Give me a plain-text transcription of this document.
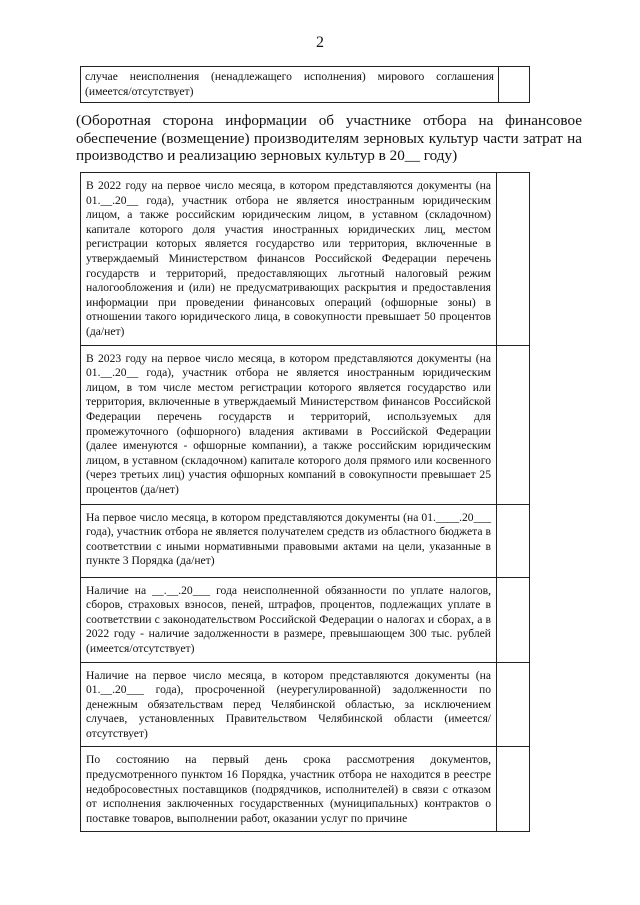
2
случае неисполнения (ненадлежащего исполнения) мирового соглашения (имеется/отсутствует)	
(Оборотная сторона информации об участнике отбора на финансовое обеспечение (возмещение) производителям зерновых культур части затрат на производство и реализацию зерновых культур в 20__ году)
В 2022 году на первое число месяца, в котором представляются документы (на 01.__.20__ года), участник отбора не является иностранным юридическим лицом, а также российским юридическим лицом, в уставном (складочном) капитале которого доля участия иностранных юридических лиц, местом регистрации которых является государство или территория, включенные в утверждаемый Министерством финансов Российской Федерации перечень государств и территорий, предоставляющих льготный налоговый режим налогообложения и (или) не предусматривающих раскрытия и предоставления информации при проведении финансовых операций (офшорные зоны) в отношении такого юридического лица, в совокупности превышает 50 процентов (да/нет)	
В 2023 году на первое число месяца, в котором представляются документы (на 01.__.20__ года), участник отбора не является иностранным юридическим лицом, в том числе местом регистрации которого является государство или территория, включенные в утверждаемый Министерством финансов Российской Федерации перечень государств и территорий, используемых для промежуточного (офшорного) владения активами в Российской Федерации (далее именуются - офшорные компании), а также российским юридическим лицом, в уставном (складочном) капитале которого доля прямого или косвенного (через третьих лиц) участия офшорных компаний в совокупности превышает 25 процентов (да/нет)	
На первое число месяца, в котором представляются документы (на 01.____.20___ года), участник отбора не является получателем средств из областного бюджета в соответствии с иными нормативными правовыми актами на цели, указанные в пункте 3 Порядка (да/нет)	
Наличие на __.__.20___ года неисполненной обязанности по уплате налогов, сборов, страховых взносов, пеней, штрафов, процентов, подлежащих уплате в соответствии с законодательством Российской Федерации о налогах и сборах, а в 2022 году - наличие задолженности в размере, превышающем 300 тыс. рублей (имеется/отсутствует)	
Наличие на первое число месяца, в котором представляются документы (на 01.__.20___ года), просроченной (неурегулированной) задолженности по денежным обязательствам перед Челябинской областью, за исключением случаев, установленных Правительством Челябинской области (имеется/отсутствует)	
По состоянию на первый день срока рассмотрения документов, предусмотренного пунктом 16 Порядка, участник отбора не находится в реестре недобросовестных поставщиков (подрядчиков, исполнителей) в связи с отказом от исполнения заключенных государственных (муниципальных) контрактов о поставке товаров, выполнении работ, оказании услуг по причине	
